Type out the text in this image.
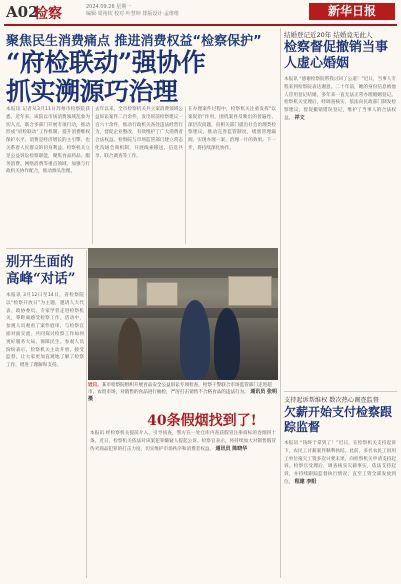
A02
检察	2024.09.26 星期一
编辑·周裕钦 校对·叶慧坤 排版设计·孟维维	新华日报
聚焦民生消费痛点 推进消费权益“检察保护”
“府检联动”强协作
抓实溯源巧治理
本报讯 记者从3月11日苏州市检察院获悉，近年来，该院以市场消费领域乱象为切入点，联合多部门开展专项行动，推动形成“府检联动”工作机制，提升消费维权保护水平。消费是经济增长的主引擎，也关系着人民群众的切身利益。检察机关立足公益诉讼检察职能，聚焦食品药品、服务消费、网络消费等重点领域，加强与行政机关协作配合，推动源头治理。
去年以来，全市检察机关共立案消费领域公益诉讼案件二百余件，发出诉前检察建议一百六十余件，推动行政机关查处违法经营行为，督促企业整改，有效维护了广大消费者合法权益。检察院与市场监管部门建立常态化沟通会商机制，开展线索移送、信息共享、联合调查等工作。
在办理案件过程中，检察机关注重发挥“以案促治”作用，围绕案件反映出的普遍性、深层次问题，向相关部门提出社会治理类检察建议，推动完善监管制度，堵塞管理漏洞，实现办理一案、治理一片的效果。下一步，将持续深化协作。
结婚登记近20年 结婚竟无此人
检察督促撤销当事人虚心婚姻
本报讯 “感谢检察院帮我讨回了公道！”近日，当事人专程来到检察院表达谢意。二十年前，她的身份信息被他人冒用登记结婚，多年来一直无法正常办理婚姻登记。检察机关受理后，经调查核实，依法向民政部门制发检察建议，督促撤销错误登记，维护了当事人的合法权益。 祥文
别开生面的高峰“对话”
本报讯 3月12日至14日，省检察院以“检察开放日”为主题，邀请人大代表、政协委员、专家学者走进检察机关，零距离感受检察工作。活动中，参观人员观看了案件庭审，与检察官面对面交流，共同探讨检察工作如何更好服务大局、保障民生。参观人员纷纷表示，检察机关主动开放、接受监督，让大家更加直观地了解了检察工作，增进了理解和支持。
近日，某市检察院组织开展食品安全公益诉讼专项检查，检察干警联合市场监管部门走进超市、农贸市场，对销售的食品进行抽检，严厉打击销售不合格食品的违法行为。 通讯员 张明 摄
40条假烟找到了!
本报讯 经检察机关提前介入、引导侦查，警方在一处仓库内查获假冒注册商标的卷烟四十条。近日，检察机关依法对该案犯罪嫌疑人提起公诉。检察官表示，将持续加大对制售假冒伪劣商品犯罪的打击力度，切实维护市场秩序和消费者权益。 通讯员 陈晓华
支持起诉帮维权 数次热心调查监督
欠薪开始支付检察跟踪监督
本报讯 “钱终于拿到了！”近日，在检察机关支持起诉下，农民工讨薪案件顺利执结。此前，多名农民工因用工单位拖欠工资多次讨要未果，向检察机关申请支持起诉。检察官受理后，调查核实欠薪事实，依法支持起诉，并持续跟踪监督执行情况，直至工资全部发放到位。 程建 李阳
